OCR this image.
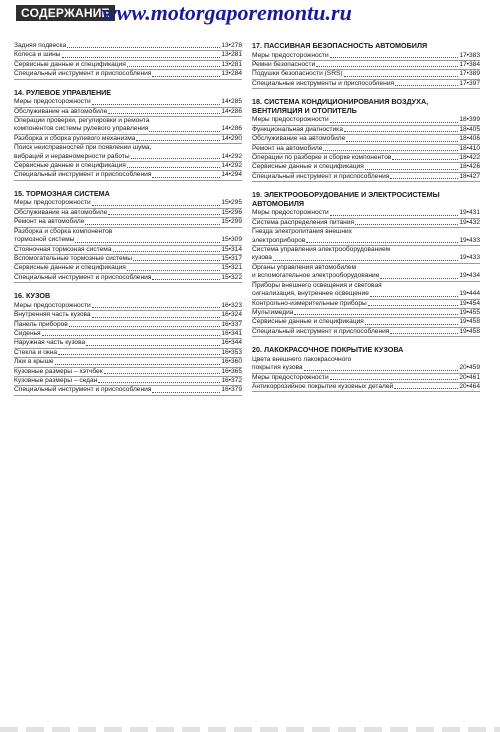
СОДЕРЖАНИЕ
www.motorgaporemontu.ru
Задняя подвеска	13•278
Колеса и шины	13•281
Сервисные данные и спецификация	13•281
Специальный инструмент и приспособления	13•284
14. РУЛЕВОЕ УПРАВЛЕНИЕ
Меры предосторожности	14•285
Обслуживание на автомобиле	14•286
Операции проверки, регулировки и ремонта
компонентов системы рулевого управления	14•286
Разборка и сборка рулевого механизма	14•290
Поиск неисправностей при появлении шума,
вибраций и неравномерности работы	14•292
Сервисные данные и спецификация	14•292
Специальный инструмент и приспособления	14•294
15. ТОРМОЗНАЯ СИСТЕМА
Меры предосторожности	15•295
Обслуживание на автомобиле	15•296
Ремонт на автомобиле	15•299
Разборка и сборка компонентов
тормозной системы	15•309
Стояночная тормозная система	15•314
Вспомогательные тормозные системы	15•317
Сервисные данные и спецификация	15•321
Специальный инструмент и приспособления	15•322
16. КУЗОВ
Меры предосторожности	16•323
Внутренняя часть кузова	16•324
Панель приборов	16•337
Сиденья	16•341
Наружная часть кузова	16•344
Стекла и окна	16•353
Люк в крыше	16•360
Кузовные размеры – хэтчбек	16•365
Кузовные размеры – седан	16•372
Специальный инструмент и приспособления	16•379
17. ПАССИВНАЯ БЕЗОПАСНОСТЬ АВТОМОБИЛЯ
Меры предосторожности	17•383
Ремни безопасности	17•384
Подушки безопасности (SRS)	17•389
Специальные инструменты и приспособления	17•397
18. СИСТЕМА КОНДИЦИОНИРОВАНИЯ ВОЗДУХА, ВЕНТИЛЯЦИЯ И ОТОПИТЕЛЬ
Меры предосторожности	18•399
Функциональная диагностика	18•405
Обслуживание на автомобиле	18•406
Ремонт на автомобиле	18•410
Операции по разборке и сборке компонентов	18•422
Сервисные данные и спецификация	18•426
Специальный инструмент и приспособления	18•427
19. ЭЛЕКТРООБОРУДОВАНИЕ И ЭЛЕКТРОСИСТЕМЫ АВТОМОБИЛЯ
Меры предосторожности	19•431
Система распределения питания	19•432
Гнезда электропитания внешних
электроприборов	19•433
Система управления электрооборудованием
кузова	19•433
Органы управления автомобилем
и вспомогательное электрооборудование	19•434
Приборы внешнего освещения и световая
сигнализация, внутреннее освещение	19•444
Контрольно-измерительные приборы	19•454
Мультимедиа	19•455
Сервисные данные и спецификация	19•458
Специальный инструмент и приспособления	19•458
20. ЛАКОКРАСОЧНОЕ ПОКРЫТИЕ КУЗОВА
Цвета внешнего лакокрасочного
покрытия кузова	20•459
Меры предосторожности	20•461
Антикоррозийное покрытие кузовных деталей	20•464
